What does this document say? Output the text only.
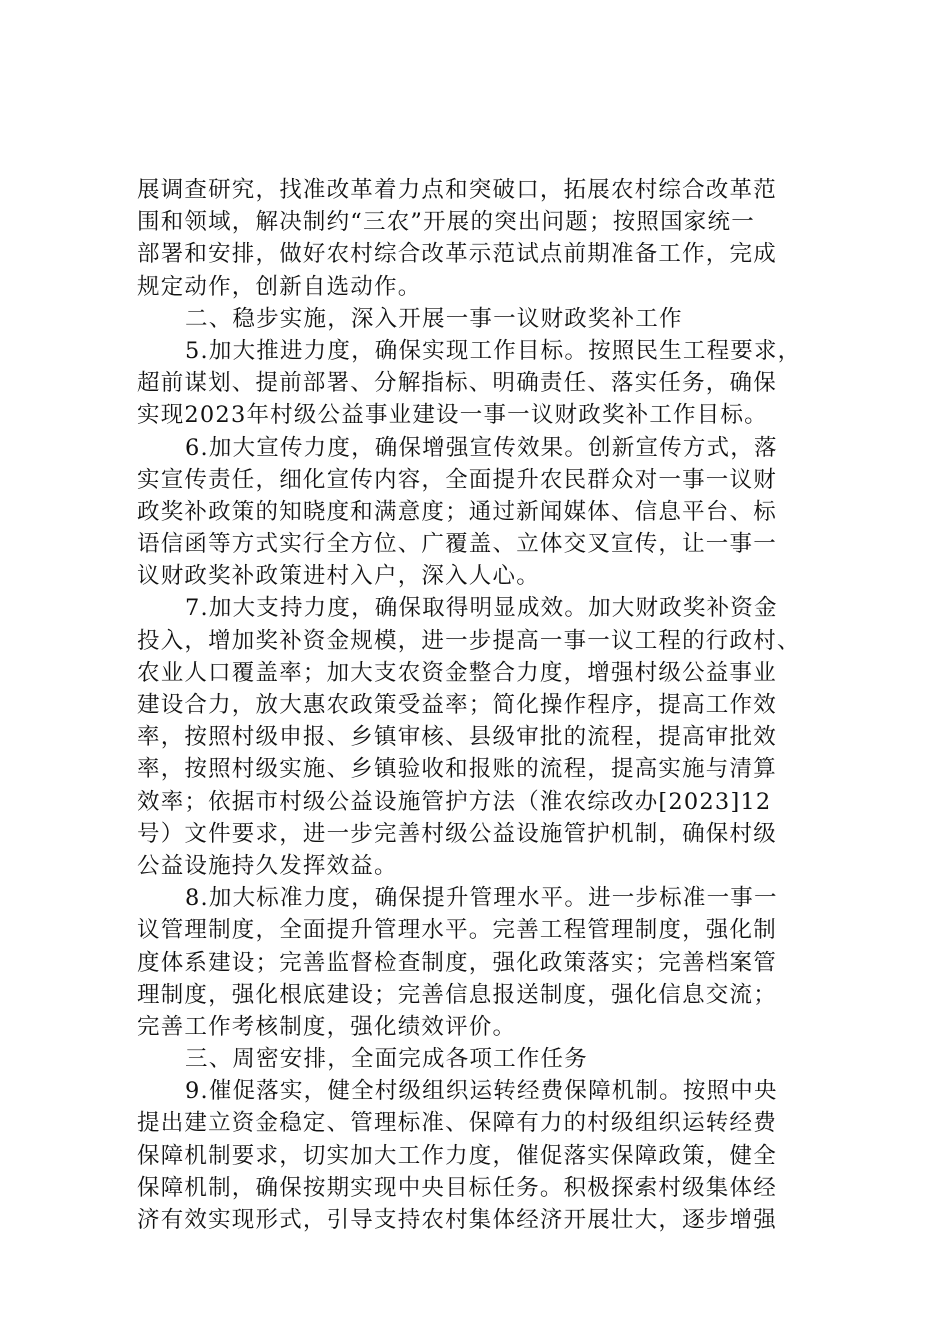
展调查研究，找准改革着力点和突破口，拓展农村综合改革范
围和领域，解决制约“三农”开展的突出问题；按照国家统一
部署和安排，做好农村综合改革示范试点前期准备工作，完成
规定动作，创新自选动作。
二、稳步实施，深入开展一事一议财政奖补工作
5.加大推进力度，确保实现工作目标。按照民生工程要求，
超前谋划、提前部署、分解指标、明确责任、落实任务，确保
实现2023年村级公益事业建设一事一议财政奖补工作目标。
6.加大宣传力度，确保增强宣传效果。创新宣传方式，落
实宣传责任，细化宣传内容，全面提升农民群众对一事一议财
政奖补政策的知晓度和满意度；通过新闻媒体、信息平台、标
语信函等方式实行全方位、广覆盖、立体交叉宣传，让一事一
议财政奖补政策进村入户，深入人心。
7.加大支持力度，确保取得明显成效。加大财政奖补资金
投入，增加奖补资金规模，进一步提高一事一议工程的行政村、
农业人口覆盖率；加大支农资金整合力度，增强村级公益事业
建设合力，放大惠农政策受益率；简化操作程序，提高工作效
率，按照村级申报、乡镇审核、县级审批的流程，提高审批效
率，按照村级实施、乡镇验收和报账的流程，提高实施与清算
效率；依据市村级公益设施管护方法（淮农综改办[2023]12
号）文件要求，进一步完善村级公益设施管护机制，确保村级
公益设施持久发挥效益。
8.加大标准力度，确保提升管理水平。进一步标准一事一
议管理制度，全面提升管理水平。完善工程管理制度，强化制
度体系建设；完善监督检查制度，强化政策落实；完善档案管
理制度，强化根底建设；完善信息报送制度，强化信息交流；
完善工作考核制度，强化绩效评价。
三、周密安排，全面完成各项工作任务
9.催促落实，健全村级组织运转经费保障机制。按照中央
提出建立资金稳定、管理标准、保障有力的村级组织运转经费
保障机制要求，切实加大工作力度，催促落实保障政策，健全
保障机制，确保按期实现中央目标任务。积极探索村级集体经
济有效实现形式，引导支持农村集体经济开展壮大，逐步增强
